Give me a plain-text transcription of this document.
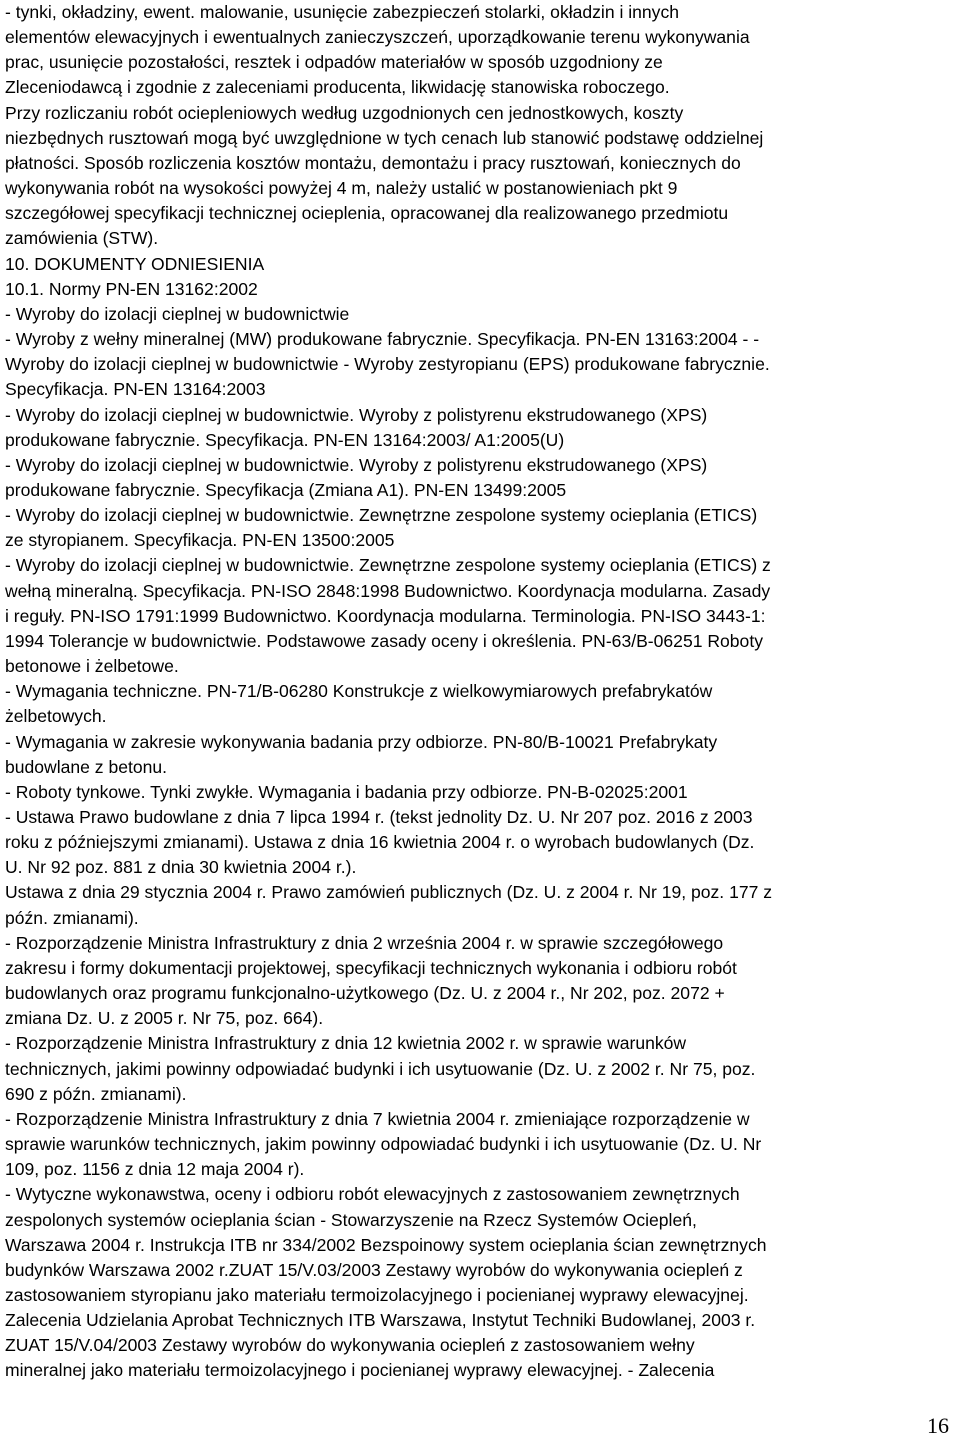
- tynki, okładziny, ewent. malowanie, usunięcie zabezpieczeń stolarki, okładzin i innych
elementów elewacyjnych i ewentualnych zanieczyszczeń, uporządkowanie terenu wykonywania
prac, usunięcie pozostałości, resztek i odpadów materiałów w sposób uzgodniony ze
Zleceniodawcą i zgodnie z zaleceniami producenta, likwidację stanowiska roboczego.
Przy rozliczaniu robót ociepleniowych według uzgodnionych cen jednostkowych, koszty
niezbędnych rusztowań mogą być uwzględnione w tych cenach lub stanowić podstawę oddzielnej
płatności. Sposób rozliczenia kosztów montażu, demontażu i pracy rusztowań, koniecznych do
wykonywania robót na wysokości powyżej 4 m, należy ustalić w postanowieniach pkt 9
szczegółowej specyfikacji technicznej ocieplenia, opracowanej dla realizowanego przedmiotu
zamówienia (STW).
10. DOKUMENTY ODNIESIENIA
10.1. Normy PN-EN 13162:2002
- Wyroby do izolacji cieplnej w budownictwie
- Wyroby z wełny mineralnej (MW) produkowane fabrycznie. Specyfikacja. PN-EN 13163:2004 - -
Wyroby do izolacji cieplnej w budownictwie - Wyroby zestyropianu (EPS) produkowane fabrycznie.
Specyfikacja. PN-EN 13164:2003
- Wyroby do izolacji cieplnej w budownictwie. Wyroby z polistyrenu ekstrudowanego (XPS)
produkowane fabrycznie. Specyfikacja. PN-EN 13164:2003/ A1:2005(U)
- Wyroby do izolacji cieplnej w budownictwie. Wyroby z polistyrenu ekstrudowanego (XPS)
produkowane fabrycznie. Specyfikacja (Zmiana A1). PN-EN 13499:2005
- Wyroby do izolacji cieplnej w budownictwie. Zewnętrzne zespolone systemy ocieplania (ETICS)
ze styropianem. Specyfikacja. PN-EN 13500:2005
- Wyroby do izolacji cieplnej w budownictwie. Zewnętrzne zespolone systemy ocieplania (ETICS) z
wełną mineralną. Specyfikacja. PN-ISO 2848:1998 Budownictwo. Koordynacja modularna. Zasady
i reguły. PN-ISO 1791:1999 Budownictwo. Koordynacja modularna. Terminologia. PN-ISO 3443-1:
1994 Tolerancje w budownictwie. Podstawowe zasady oceny i określenia. PN-63/B-06251 Roboty
betonowe i żelbetowe.
- Wymagania techniczne. PN-71/B-06280 Konstrukcje z wielkowymiarowych prefabrykatów
żelbetowych.
- Wymagania w zakresie wykonywania badania przy odbiorze. PN-80/B-10021 Prefabrykaty
budowlane z betonu.
- Roboty tynkowe. Tynki zwykłe. Wymagania i badania przy odbiorze. PN-B-02025:2001
- Ustawa Prawo budowlane z dnia 7 lipca 1994 r. (tekst jednolity Dz. U. Nr 207 poz. 2016 z 2003
roku z późniejszymi zmianami). Ustawa z dnia 16 kwietnia 2004 r. o wyrobach budowlanych (Dz.
U. Nr 92 poz. 881 z dnia 30 kwietnia 2004 r.).
Ustawa z dnia 29 stycznia 2004 r. Prawo zamówień publicznych (Dz. U. z 2004 r. Nr 19, poz. 177 z
późn. zmianami).
- Rozporządzenie Ministra Infrastruktury z dnia 2 września 2004 r. w sprawie szczegółowego
zakresu i formy dokumentacji projektowej, specyfikacji technicznych wykonania i odbioru robót
budowlanych oraz programu funkcjonalno-użytkowego (Dz. U. z 2004 r., Nr 202, poz. 2072 +
zmiana Dz. U. z 2005 r. Nr 75, poz. 664).
- Rozporządzenie Ministra Infrastruktury z dnia 12 kwietnia 2002 r. w sprawie warunków
technicznych, jakimi powinny odpowiadać budynki i ich usytuowanie (Dz. U. z 2002 r. Nr 75, poz.
690 z późn. zmianami).
- Rozporządzenie Ministra Infrastruktury z dnia 7 kwietnia 2004 r. zmieniające rozporządzenie w
sprawie warunków technicznych, jakim powinny odpowiadać budynki i ich usytuowanie (Dz. U. Nr
109, poz. 1156 z dnia 12 maja 2004 r).
- Wytyczne wykonawstwa, oceny i odbioru robót elewacyjnych z zastosowaniem zewnętrznych
zespolonych systemów ocieplania ścian - Stowarzyszenie na Rzecz Systemów Ociepleń,
Warszawa 2004 r. Instrukcja ITB nr 334/2002 Bezspoinowy system ocieplania ścian zewnętrznych
budynków Warszawa 2002 r.ZUAT 15/V.03/2003 Zestawy wyrobów do wykonywania ociepleń z
zastosowaniem styropianu jako materiału termoizolacyjnego i pocienianej wyprawy elewacyjnej.
Zalecenia Udzielania Aprobat Technicznych ITB Warszawa, Instytut Techniki Budowlanej, 2003 r.
ZUAT 15/V.04/2003 Zestawy wyrobów do wykonywania ociepleń z zastosowaniem wełny
mineralnej jako materiału termoizolacyjnego i pocienianej wyprawy elewacyjnej. - Zalecenia
16
